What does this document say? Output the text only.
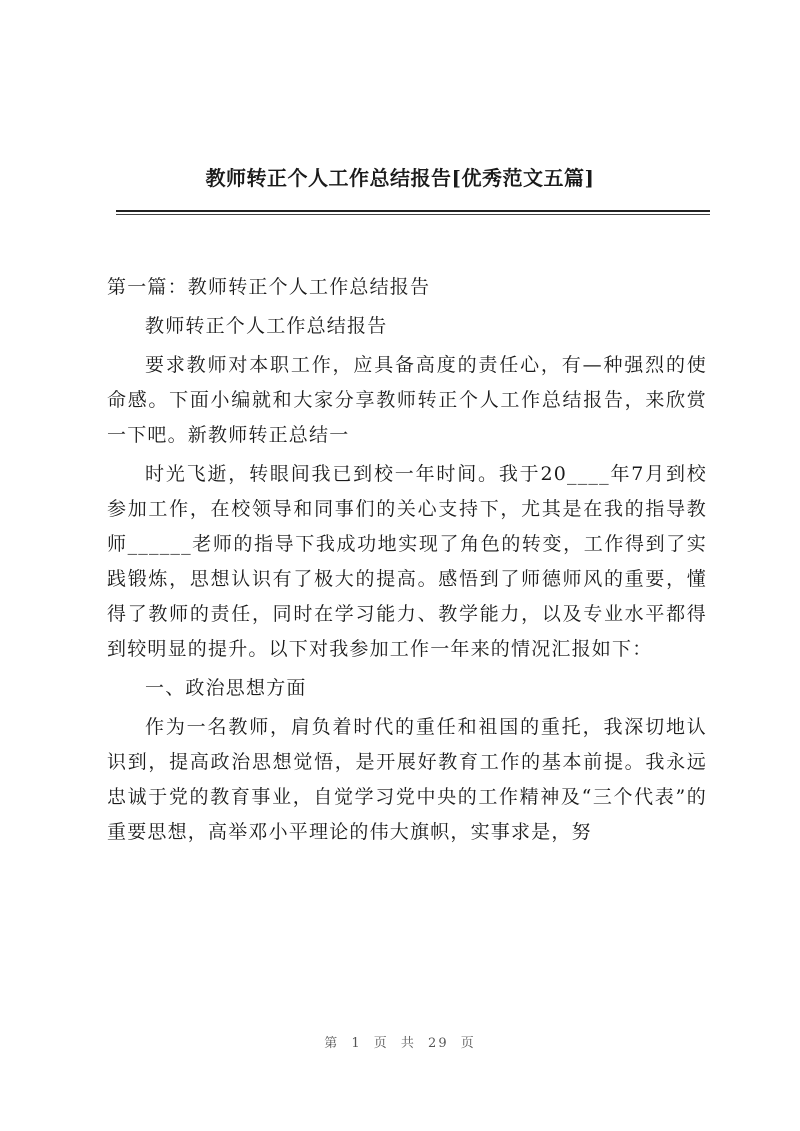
教师转正个人工作总结报告[优秀范文五篇]

第一篇：教师转正个人工作总结报告

教师转正个人工作总结报告

要求教师对本职工作，应具备高度的责任心，有—种强烈的使命感。下面小编就和大家分享教师转正个人工作总结报告，来欣赏一下吧。新教师转正总结一

时光飞逝，转眼间我已到校一年时间。我于20____年7月到校参加工作，在校领导和同事们的关心支持下，尤其是在我的指导教师______老师的指导下我成功地实现了角色的转变，工作得到了实践锻炼，思想认识有了极大的提高。感悟到了师德师风的重要，懂得了教师的责任，同时在学习能力、教学能力，以及专业水平都得到较明显的提升。以下对我参加工作一年来的情况汇报如下：

一、政治思想方面

作为一名教师，肩负着时代的重任和祖国的重托，我深切地认识到，提高政治思想觉悟，是开展好教育工作的基本前提。我永远忠诚于党的教育事业，自觉学习党中央的工作精神及“三个代表”的重要思想，高举邓小平理论的伟大旗帜，实事求是，努

第 1 页 共 29 页
